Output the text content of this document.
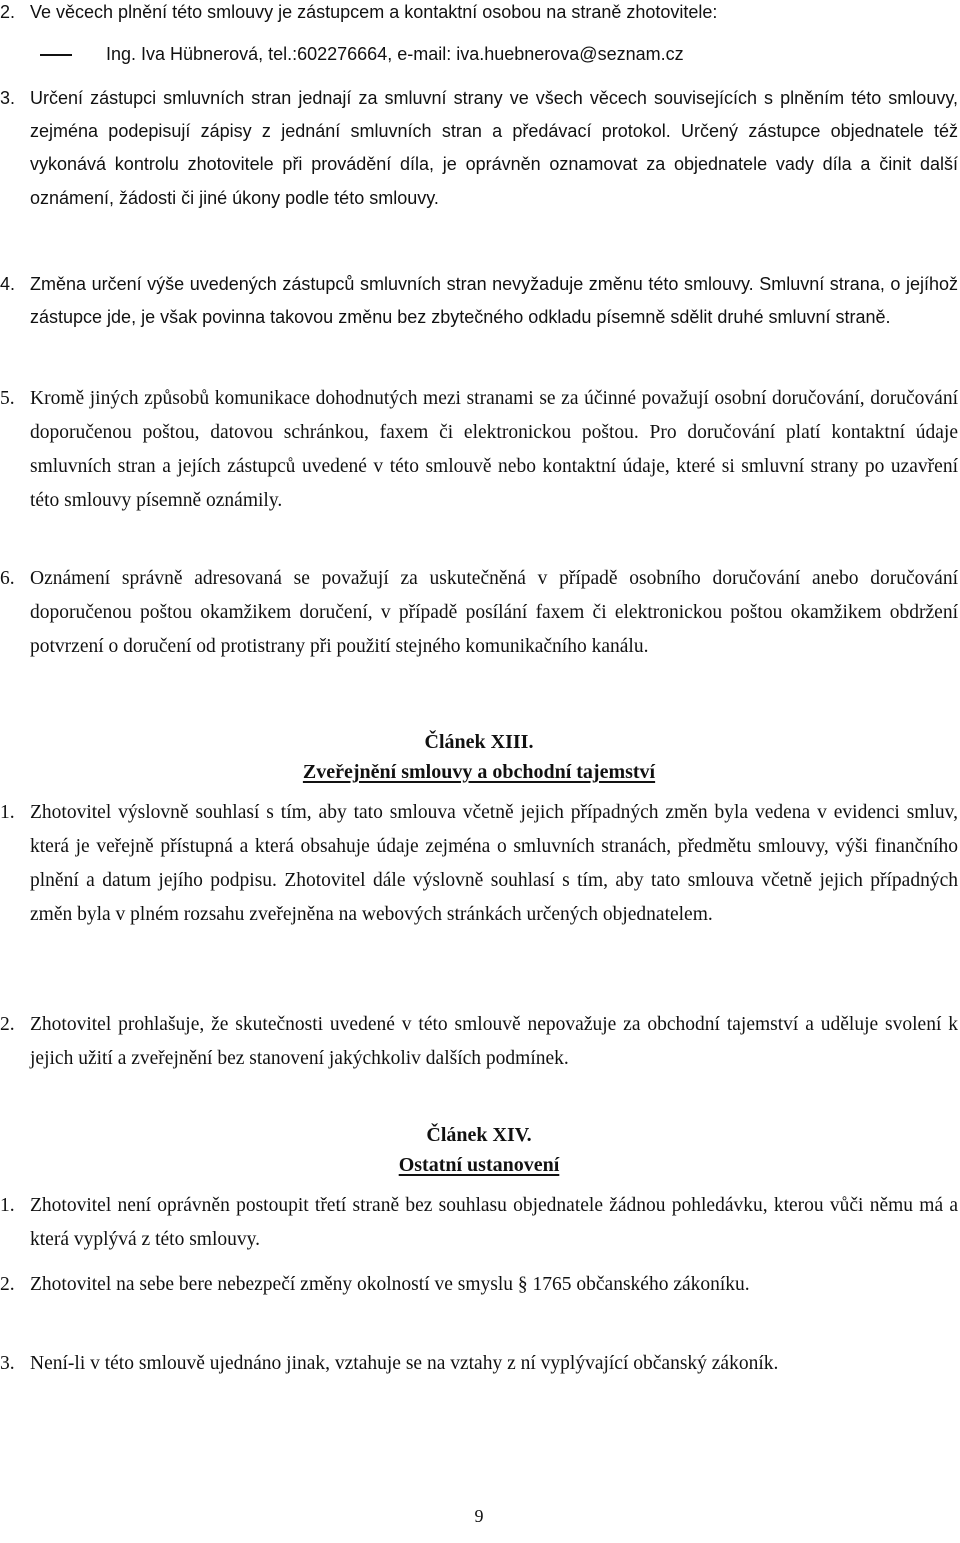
2. Ve věcech plnění této smlouvy je zástupcem a kontaktní osobou na straně zhotovitele:
Ing. Iva Hübnerová, tel.:602276664, e-mail: iva.huebnerova@seznam.cz
3. Určení zástupci smluvních stran jednají za smluvní strany ve všech věcech souvisejících s plněním této smlouvy, zejména podepisují zápisy z jednání smluvních stran a předávací protokol. Určený zástupce objednatele též vykonává kontrolu zhotovitele při provádění díla, je oprávněn oznamovat za objednatele vady díla a činit další oznámení, žádosti či jiné úkony podle této smlouvy.
4. Změna určení výše uvedených zástupců smluvních stran nevyžaduje změnu této smlouvy. Smluvní strana, o jejíhož zástupce jde, je však povinna takovou změnu bez zbytečného odkladu písemně sdělit druhé smluvní straně.
5. Kromě jiných způsobů komunikace dohodnutých mezi stranami se za účinné považují osobní doručování, doručování doporučenou poštou, datovou schránkou, faxem či elektronickou poštou. Pro doručování platí kontaktní údaje smluvních stran a jejích zástupců uvedené v této smlouvě nebo kontaktní údaje, které si smluvní strany po uzavření této smlouvy písemně oznámily.
6. Oznámení správně adresovaná se považují za uskutečněná v případě osobního doručování anebo doručování doporučenou poštou okamžikem doručení, v případě posílání faxem či elektronickou poštou okamžikem obdržení potvrzení o doručení od protistrany při použití stejného komunikačního kanálu.
Článek XIII.
Zveřejnění smlouvy a obchodní tajemství
1. Zhotovitel výslovně souhlasí s tím, aby tato smlouva včetně jejich případných změn byla vedena v evidenci smluv, která je veřejně přístupná a která obsahuje údaje zejména o smluvních stranách, předmětu smlouvy, výši finančního plnění a datum jejího podpisu. Zhotovitel dále výslovně souhlasí s tím, aby tato smlouva včetně jejich případných změn byla v plném rozsahu zveřejněna na webových stránkách určených objednatelem.
2. Zhotovitel prohlašuje, že skutečnosti uvedené v této smlouvě nepovažuje za obchodní tajemství a uděluje svolení k jejich užití a zveřejnění bez stanovení jakýchkoliv dalších podmínek.
Článek XIV.
Ostatní ustanovení
1. Zhotovitel není oprávněn postoupit třetí straně bez souhlasu objednatele žádnou pohledávku, kterou vůči němu má a která vyplývá z této smlouvy.
2. Zhotovitel na sebe bere nebezpečí změny okolností ve smyslu § 1765 občanského zákoníku.
3. Není-li v této smlouvě ujednáno jinak, vztahuje se na vztahy z ní vyplývající občanský zákoník.
9
